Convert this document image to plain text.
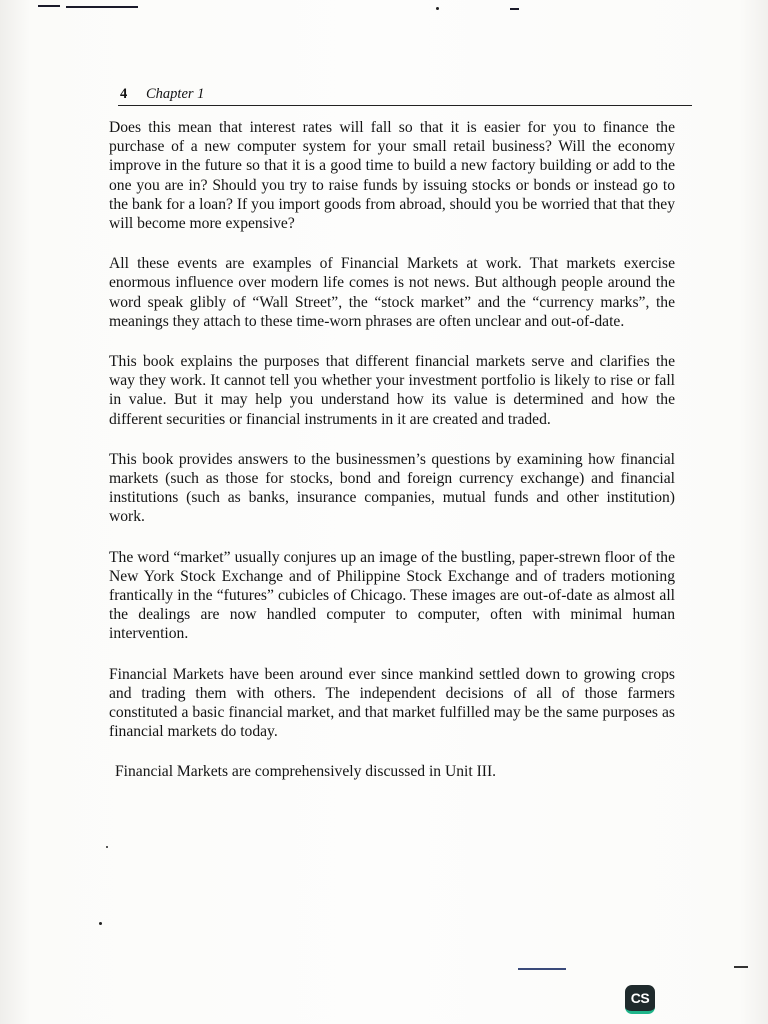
4 Chapter 1

Does this mean that interest rates will fall so that it is easier for you to finance the purchase of a new computer system for your small retail business? Will the economy improve in the future so that it is a good time to build a new factory building or add to the one you are in? Should you try to raise funds by issuing stocks or bonds or instead go to the bank for a loan? If you import goods from abroad, should you be worried that that they will become more expensive?

All these events are examples of Financial Markets at work. That markets exercise enormous influence over modern life comes is not news. But although people around the word speak glibly of “Wall Street”, the “stock market” and the “currency marks”, the meanings they attach to these time-worn phrases are often unclear and out-of-date.

This book explains the purposes that different financial markets serve and clarifies the way they work. It cannot tell you whether your investment portfolio is likely to rise or fall in value. But it may help you understand how its value is determined and how the different securities or financial instruments in it are created and traded.

This book provides answers to the businessmen’s questions by examining how financial markets (such as those for stocks, bond and foreign currency exchange) and financial institutions (such as banks, insurance companies, mutual funds and other institution) work.

The word “market” usually conjures up an image of the bustling, paper-strewn floor of the New York Stock Exchange and of Philippine Stock Exchange and of traders motioning frantically in the “futures” cubicles of Chicago. These images are out-of-date as almost all the dealings are now handled computer to computer, often with minimal human intervention.

Financial Markets have been around ever since mankind settled down to growing crops and trading them with others. The independent decisions of all of those farmers constituted a basic financial market, and that market fulfilled may be the same purposes as financial markets do today.

Financial Markets are comprehensively discussed in Unit III.

CS
